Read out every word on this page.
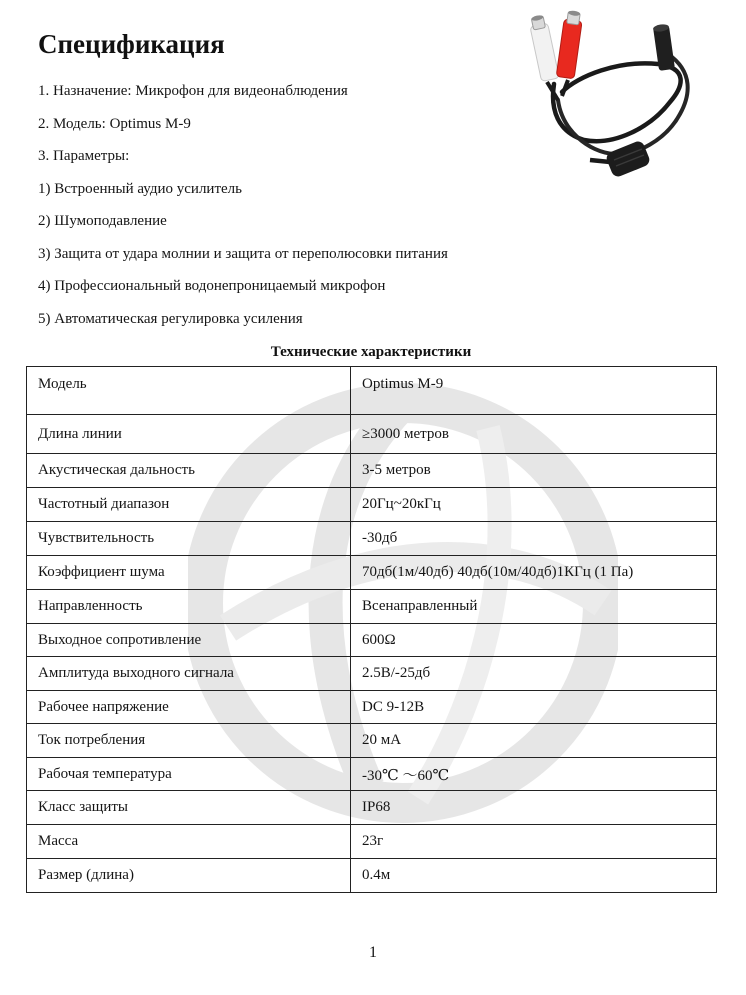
Спецификация
1. Назначение: Микрофон для видеонаблюдения
2. Модель: Optimus M-9
3. Параметры:
1) Встроенный аудио усилитель
2) Шумоподавление
3) Защита от удара молнии и защита от переполюсовки питания
4) Профессиональный водонепроницаемый микрофон
5) Автоматическая регулировка усиления
Технические характеристики
Модель	Optimus M-9
Длина линии	≥3000 метров
Акустическая дальность	3-5 метров
Частотный диапазон	20Гц~20кГц
Чувствительность	-30дб
Коэффициент шума	70дб(1м/40дб) 40дб(10м/40дб)1КГц (1 Па)
Направленность	Всенаправленный
Выходное сопротивление	600Ω
Амплитуда выходного сигнала	2.5В/-25дб
Рабочее напряжение	DC 9-12В
Ток потребления	20 мА
Рабочая температура	-30℃ ～60℃
Класс защиты	IP68
Масса	23г
Размер (длина)	0.4м
1
